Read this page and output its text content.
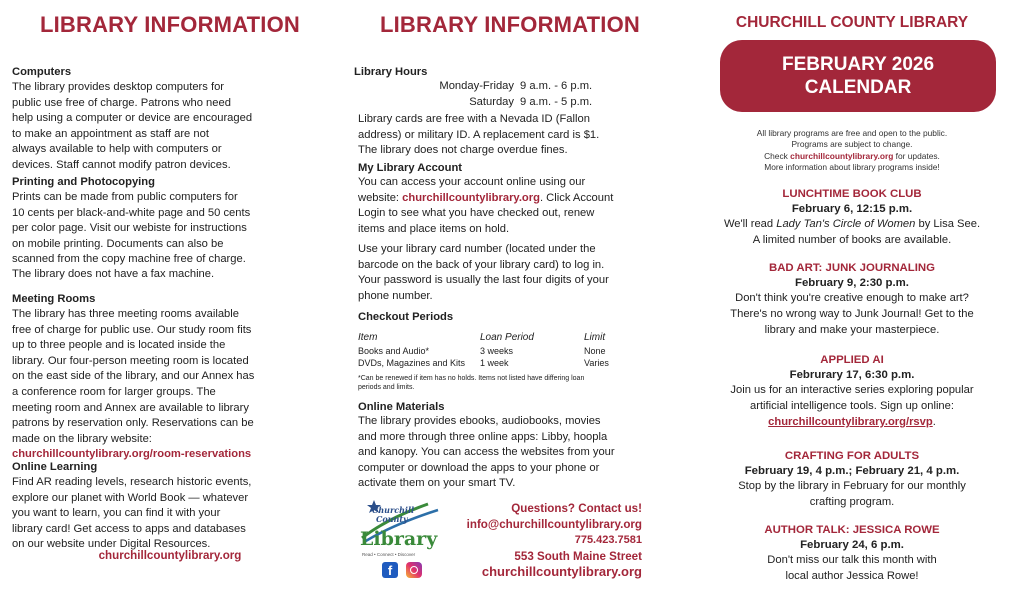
LIBRARY INFORMATION
Computers
The library provides desktop computers for
public use free of charge. Patrons who need
help using a computer or device are encouraged
to make an appointment as staff are not
always available to help with computers or
devices. Staff cannot modify patron devices.
Printing and Photocopying
Prints can be made from public computers for
10 cents per black-and-white page and 50 cents
per color page. Visit our webiste for instructions
on mobile printing. Documents can also be
scanned from the copy machine free of charge.
The library does not have a fax machine.
Meeting Rooms
The library has three meeting rooms available
free of charge for public use. Our study room fits
up to three people and is located inside the
library. Our four-person meeting room is located
on the east side of the library, and our Annex has
a conference room for larger groups. The
meeting room and Annex are available to library
patrons by reservation only. Reservations can be
made on the library website:
churchillcountylibrary.org/room-reservations
Online Learning
Find AR reading levels, research historic events,
explore our planet with World Book — whatever
you want to learn, you can find it with your
library card! Get access to apps and databases
on our website under Digital Resources.
churchillcountylibrary.org
LIBRARY INFORMATION
Library Hours
Monday-Friday 9 a.m. - 6 p.m.
Saturday 9 a.m. - 5 p.m.
Library cards are free with a Nevada ID (Fallon
address) or military ID. A replacement card is $1.
The library does not charge overdue fines.
My Library Account
You can access your account online using our
website: churchillcountylibrary.org. Click Account
Login to see what you have checked out, renew
items and place items on hold.
Use your library card number (located under the
barcode on the back of your library card) to log in.
Your password is usually the last four digits of your
phone number.
Checkout Periods
Item	Loan Period	Limit
Books and Audio*	3 weeks	None
DVDs, Magazines and Kits	1 week	Varies
*Can be renewed if item has no holds. Items not listed have differing loan
periods and limits.
Online Materials
The library provides ebooks, audiobooks, movies
and more through three online apps: Libby, hoopla
and kanopy. You can access the websites from your
computer or download the apps to your phone or
activate them on your smart TV.
Churchill
County
Library
Read • Connect • Discover
f
Questions? Contact us!
info@churchillcountylibrary.org
775.423.7581
553 South Maine Street
churchillcountylibrary.org
CHURCHILL COUNTY LIBRARY
FEBRUARY 2026
CALENDAR
All library programs are free and open to the public.
Programs are subject to change.
Check churchillcountylibrary.org for updates.
More information about library programs inside!
LUNCHTIME BOOK CLUB
February 6, 12:15 p.m.
We'll read Lady Tan's Circle of Women by Lisa See.
A limited number of books are available.
BAD ART: JUNK JOURNALING
February 9, 2:30 p.m.
Don't think you're creative enough to make art?
There's no wrong way to Junk Journal! Get to the
library and make your masterpiece.
APPLIED AI
Februrary 17, 6:30 p.m.
Join us for an interactive series exploring popular
artificial intelligence tools. Sign up online:
churchillcountylibrary.org/rsvp.
CRAFTING FOR ADULTS
February 19, 4 p.m.; February 21, 4 p.m.
Stop by the library in February for our monthly
crafting program.
AUTHOR TALK: JESSICA ROWE
February 24, 6 p.m.
Don't miss our talk this month with
local author Jessica Rowe!
